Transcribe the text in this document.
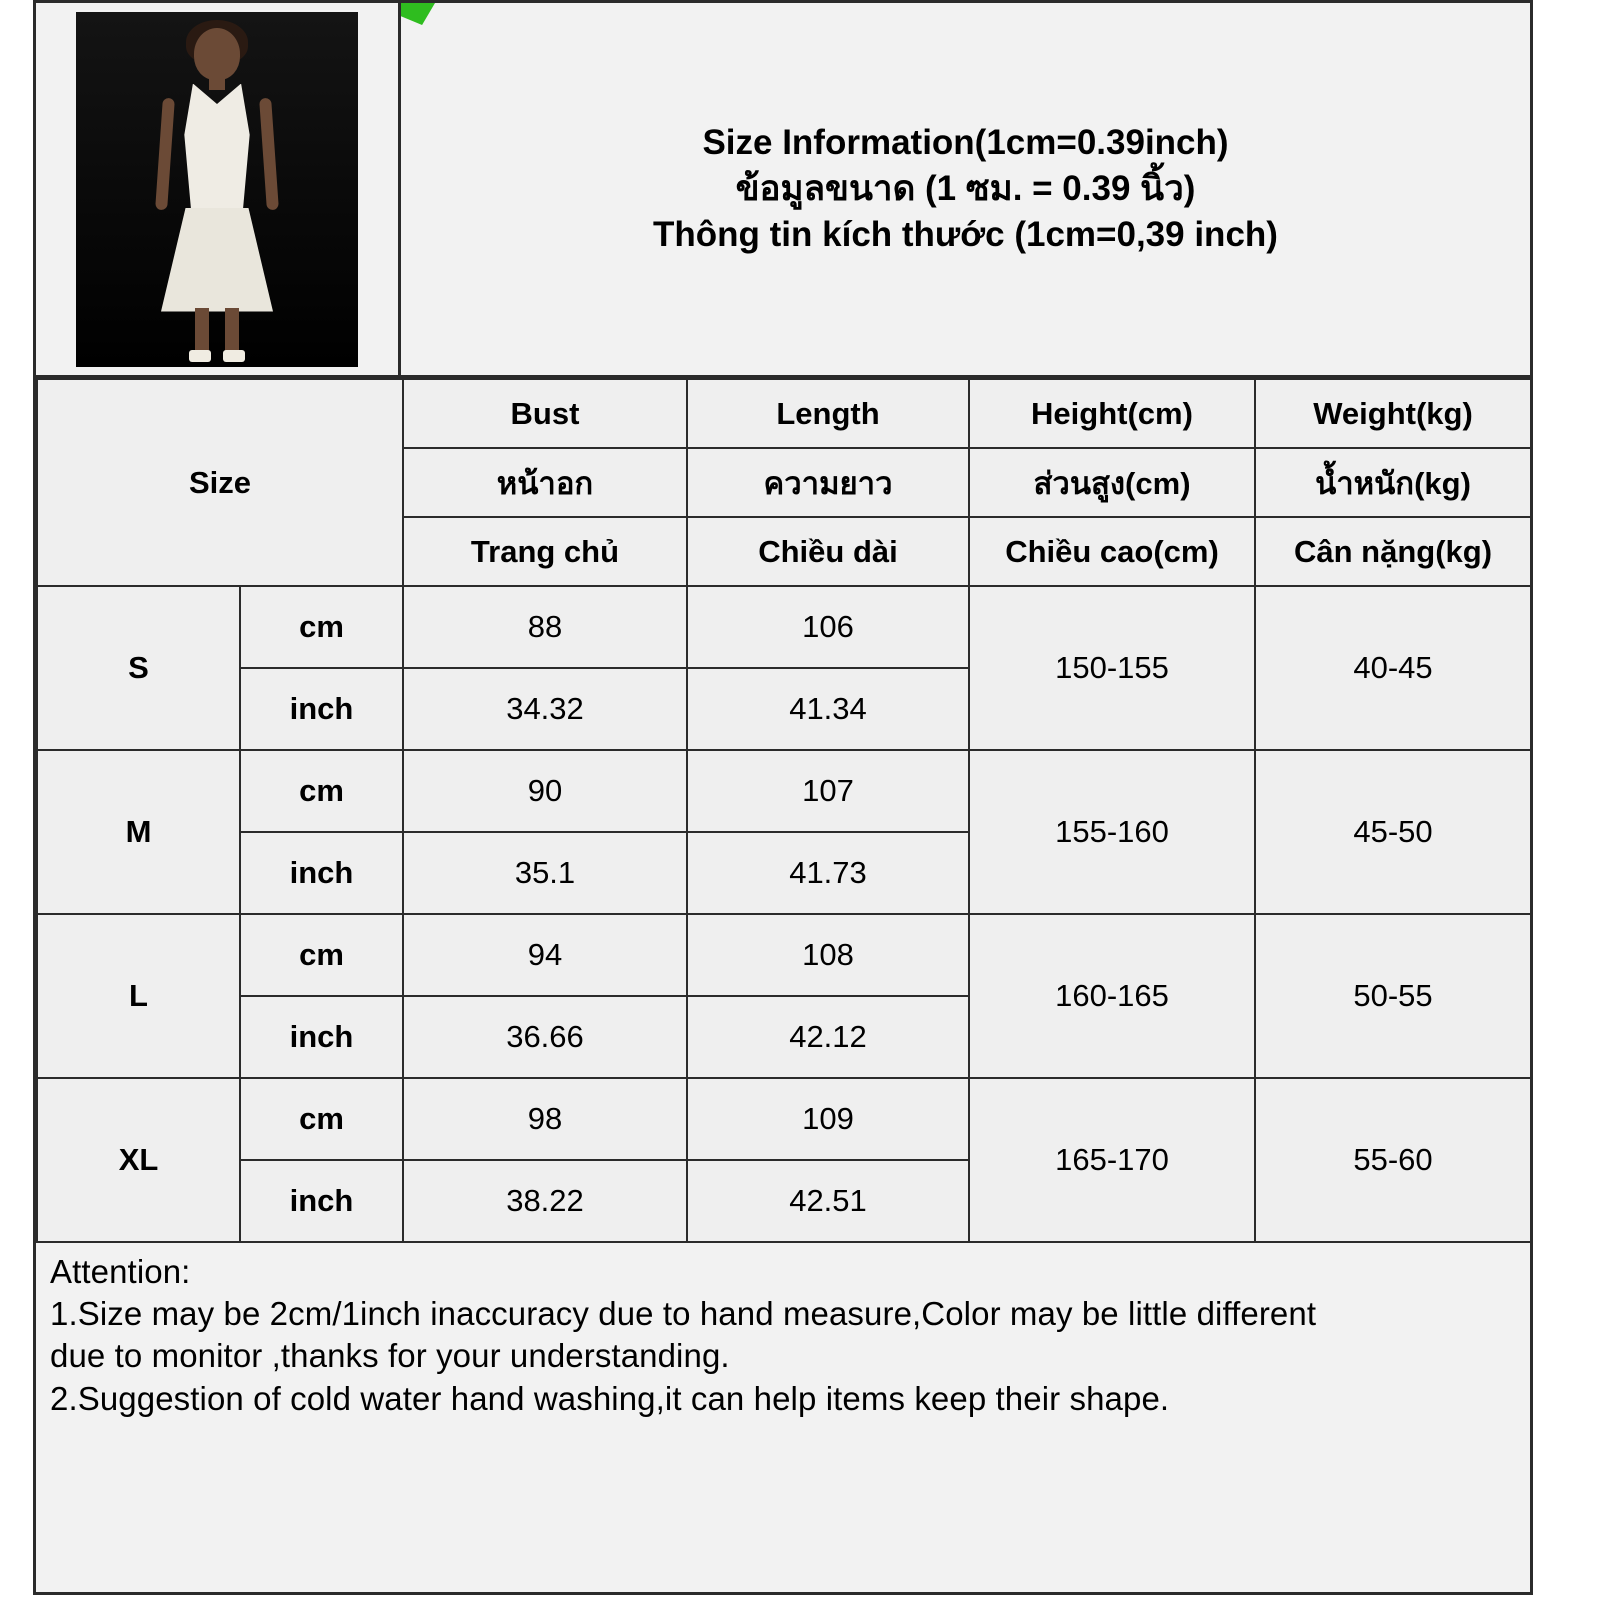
Size Information(1cm=0.39inch)
ข้อมูลขนาด (1 ซม. = 0.39 นิ้ว)
Thông tin kích thước (1cm=0,39 inch)
Size		Bust	Length	Height(cm)	Weight(kg)
		หน้าอก	ความยาว	ส่วนสูง(cm)	น้ำหนัก(kg)
		Trang chủ	Chiều dài	Chiều cao(cm)	Cân nặng(kg)
S	cm	88	106	150-155	40-45
	inch	34.32	41.34		
M	cm	90	107	155-160	45-50
	inch	35.1	41.73		
L	cm	94	108	160-165	50-55
	inch	36.66	42.12		
XL	cm	98	109	165-170	55-60
	inch	38.22	42.51		

Attention:

1.Size may be 2cm/1inch inaccuracy due to hand measure,Color may be little different

due to monitor ,thanks for your understanding.

2.Suggestion of cold water hand washing,it can help items keep their shape.
